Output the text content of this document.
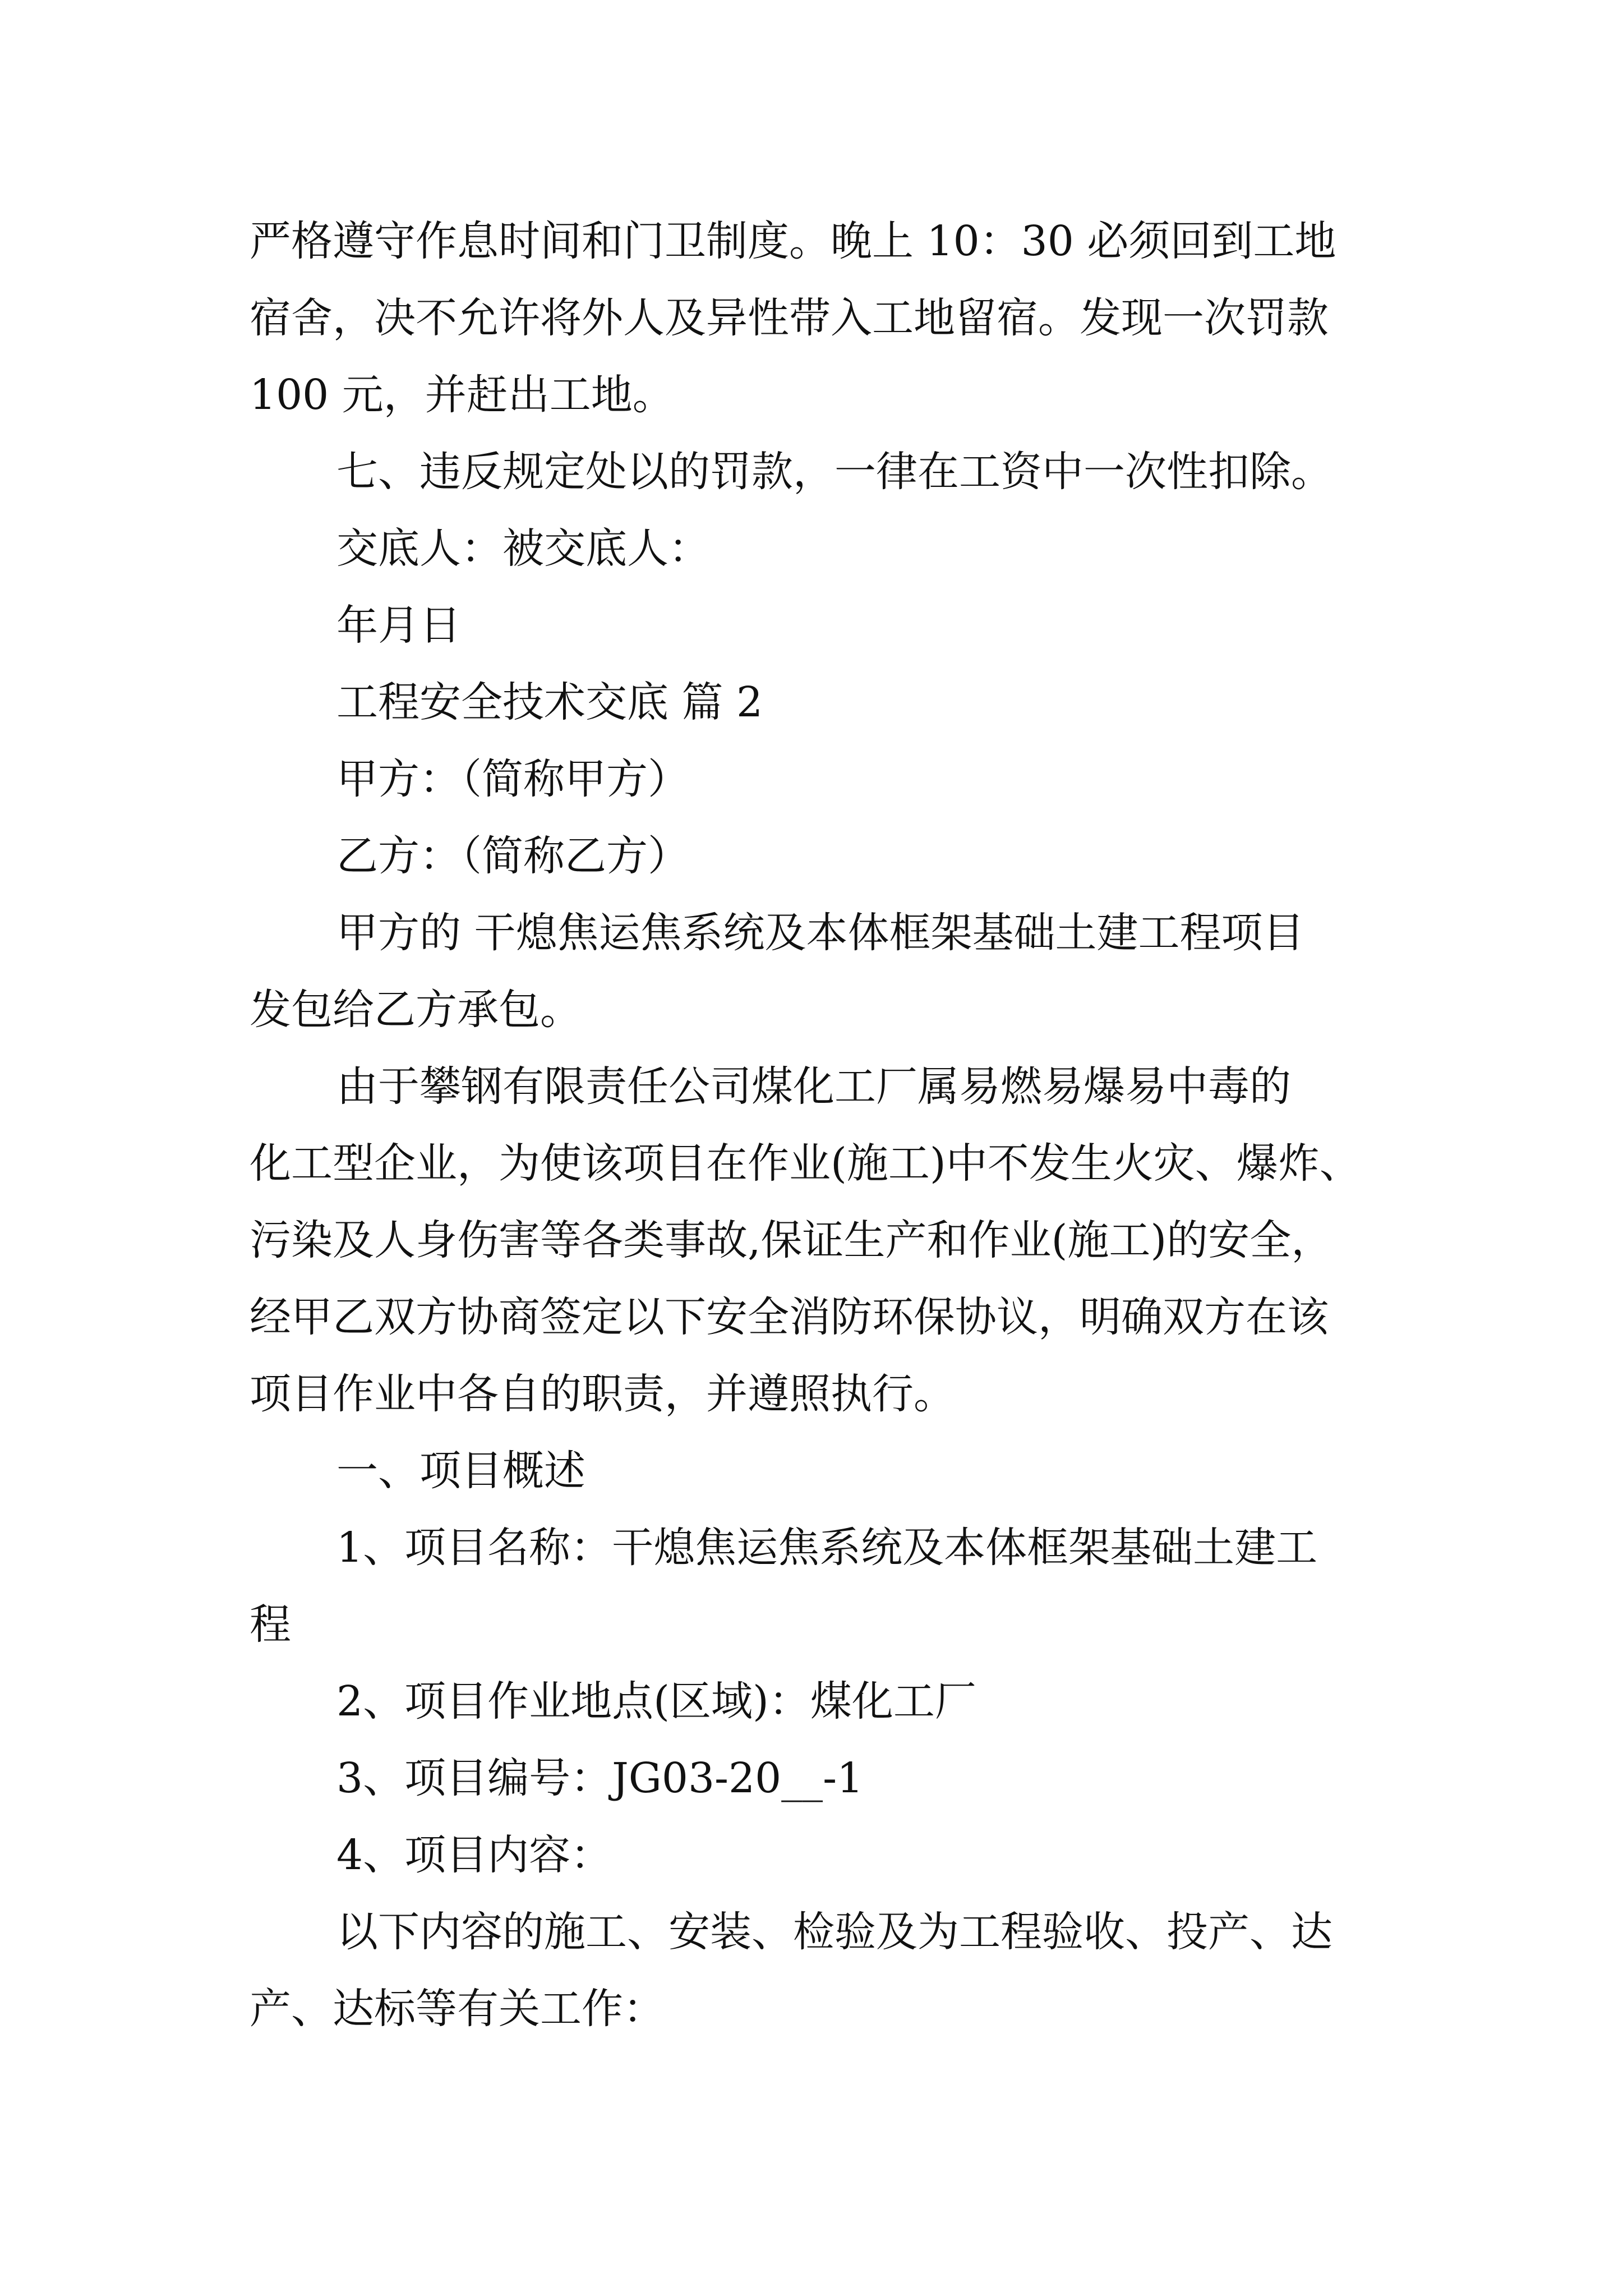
严格遵守作息时间和门卫制度。晚上 10：30 必须回到工地

宿舍，决不允许将外人及异性带入工地留宿。发现一次罚款

100 元，并赶出工地。

七、违反规定处以的罚款，一律在工资中一次性扣除。

交底人：被交底人：

年月日

工程安全技术交底 篇 2

甲方：（简称甲方）

乙方：（简称乙方）

甲方的 干熄焦运焦系统及本体框架基础土建工程项目

发包给乙方承包。

由于攀钢有限责任公司煤化工厂属易燃易爆易中毒的

化工型企业，为使该项目在作业(施工)中不发生火灾、爆炸、

污染及人身伤害等各类事故,保证生产和作业(施工)的安全，

经甲乙双方协商签定以下安全消防环保协议，明确双方在该

项目作业中各自的职责，并遵照执行。

一、项目概述

1、项目名称：干熄焦运焦系统及本体框架基础土建工

程

2、项目作业地点(区域)：煤化工厂

3、项目编号：JG03-20__-1

4、项目内容：

以下内容的施工、安装、检验及为工程验收、投产、达

产、达标等有关工作：
